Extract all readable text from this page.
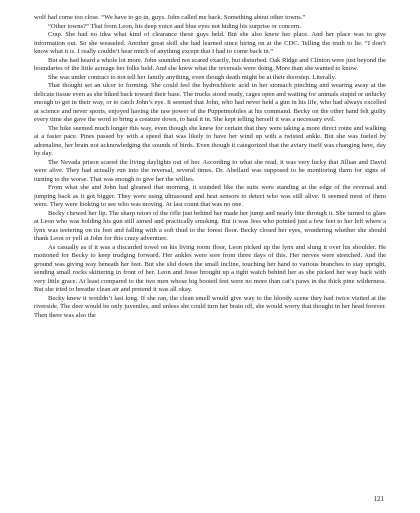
wolf had come too close. “We have to go in, guys. John called me back. Something about other towns.”

“Other towns?” That from Leon, his deep voice and blue eyes not hiding his surprise or concern.

Crap. She had no idea what kind of clearance these guys held. But she also knew her place. And her place was to give information out. So she weaseled. Another great skill she had learned since hiring on at the CDC. Telling the truth to lie. “I don’t know what it is. I really couldn’t hear much of anything except that I had to come back in.”

But she had heard a whole lot more. John sounded not scared exactly, but disturbed. Oak Ridge and Clinton were just beyond the boundaries of the little acreage her folks held. And she knew what the reversals were doing. More than she wanted to know.

She was under contract to not tell her family anything, even though death might be at their doorstep. Literally.

That thought set an ulcer to forming. She could feel the hydrochloric acid in her stomach pinching and wearing away at the delicate tissue even as she hiked back toward their base. The trucks stood ready, cages open and waiting for animals stupid or unlucky enough to get in their way, or to catch John’s eye. It seemed that John, who had never held a gun in his life, who had always excelled at science and never sports, enjoyed having the raw power of the Puppetmobiles at his command. Becky on the other hand felt guilty every time she gave the word to bring a creature down, to haul it in. She kept telling herself it was a necessary evil.

The hike seemed much longer this way, even though she knew for certain that they were taking a more direct route and walking at a faster pace. Pines passed by with a speed that was likely to have her wind up with a twisted ankle. But she was fueled by adrenaline, her brain not acknowledging the sounds of birds. Even though it categorized that the aviary itself was changing here, day by day.

The Nevada prison scared the living daylights out of her. According to what she read, it was very lucky that Jillian and David were alive. They had actually run into the reversal, several times. Dr. Abellard was supposed to be monitoring them for signs of turning to the worse. That was enough to give her the willies.

From what she and John had gleaned that morning, it sounded like the suits were standing at the edge of the reversal and jumping back as it got bigger. They were using ultrasound and heat sensors to detect who was still alive. It seemed most of them were. They were looking to see who was moving. At last count that was no one.

Becky chewed her lip. The sharp retort of the rifle just behind her made her jump and nearly bite through it. She turned to glare at Leon who was holding his gun still aimed and practically smoking. But it was Jess who pointed just a few feet to her left where a lynx was teetering on its feet and falling with a soft thud to the forest floor. Becky closed her eyes, wondering whether she should thank Leon or yell at John for this crazy adventure.

As casually as if it was a discarded towel on his living room floor, Leon picked up the lynx and slung it over his shoulder. He motioned for Becky to keep trudging forward. Her ankles were sore from three days of this. Her nerves were stretched. And the ground was giving way beneath her feet. But she slid down the small incline, touching her hand to various branches to stay upright, sending small rocks skittering in front of her. Leon and Jesse brought up a tight watch behind her as she picked her way back with very little grace. At least compared to the two men whose big booted feet were no more than cat’s paws in the thick pine wilderness. But she tried to breathe clean air and pretend it was all okay.

Becky knew it wouldn’t last long. If she ran, the clean smell would give way to the bloody scene they had twice visited at the riverside. The deer would be only juveniles, and unless she could turn her brain off, she would worry that thought in her head forever. Then there was also the

121
